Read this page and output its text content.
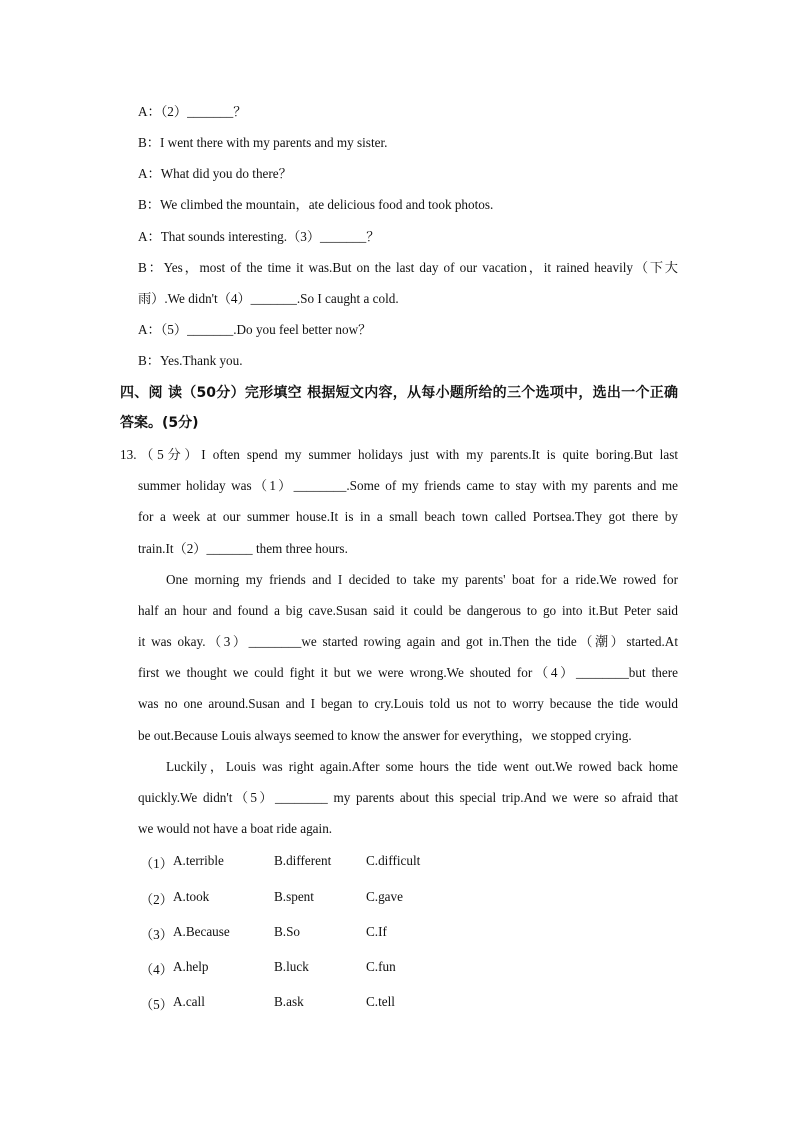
A：（2）_______？
B：I went there with my parents and my sister.
A：What did you do there？
B：We climbed the mountain，ate delicious food and took photos.
A：That sounds interesting.（3）_______？
B：Yes，most of the time it was.But on the last day of our vacation，it rained heavily（下大
雨）.We didn't（4）_______.So I caught a cold.
A：（5）_______.Do you feel better now？
B：Yes.Thank you.
四、阅 读（50分）完形填空 根据短文内容，从每小题所给的三个选项中，选出一个正确
答案。(5分)
13.（5分）I often spend my summer holidays just with my parents.It is quite boring.But last
summer holiday was（1）________.Some of my friends came to stay with my parents and me
for a week at our summer house.It is in a small beach town called Portsea.They got there by
train.It（2）_______ them three hours.
One morning my friends and I decided to take my parents' boat for a ride.We rowed for
half an hour and found a big cave.Susan said it could be dangerous to go into it.But Peter said
it was okay.（3）________we started rowing again and got in.Then the tide（潮）started.At
first we thought we could fight it but we were wrong.We shouted for（4）________but there
was no one around.Susan and I began to cry.Louis told us not to worry because the tide would
be out.Because Louis always seemed to know the answer for everything，we stopped crying.
Luckily，Louis was right again.After some hours the tide went out.We rowed back home
quickly.We didn't（5）________ my parents about this special trip.And we were so afraid that
we would not have a boat ride again.
（1） A.terrible	B.different	C.difficult
（2） A.took	B.spent	C.gave
（3） A.Because	B.So	C.If
（4） A.help	B.luck	C.fun
（5） A.call	B.ask	C.tell
